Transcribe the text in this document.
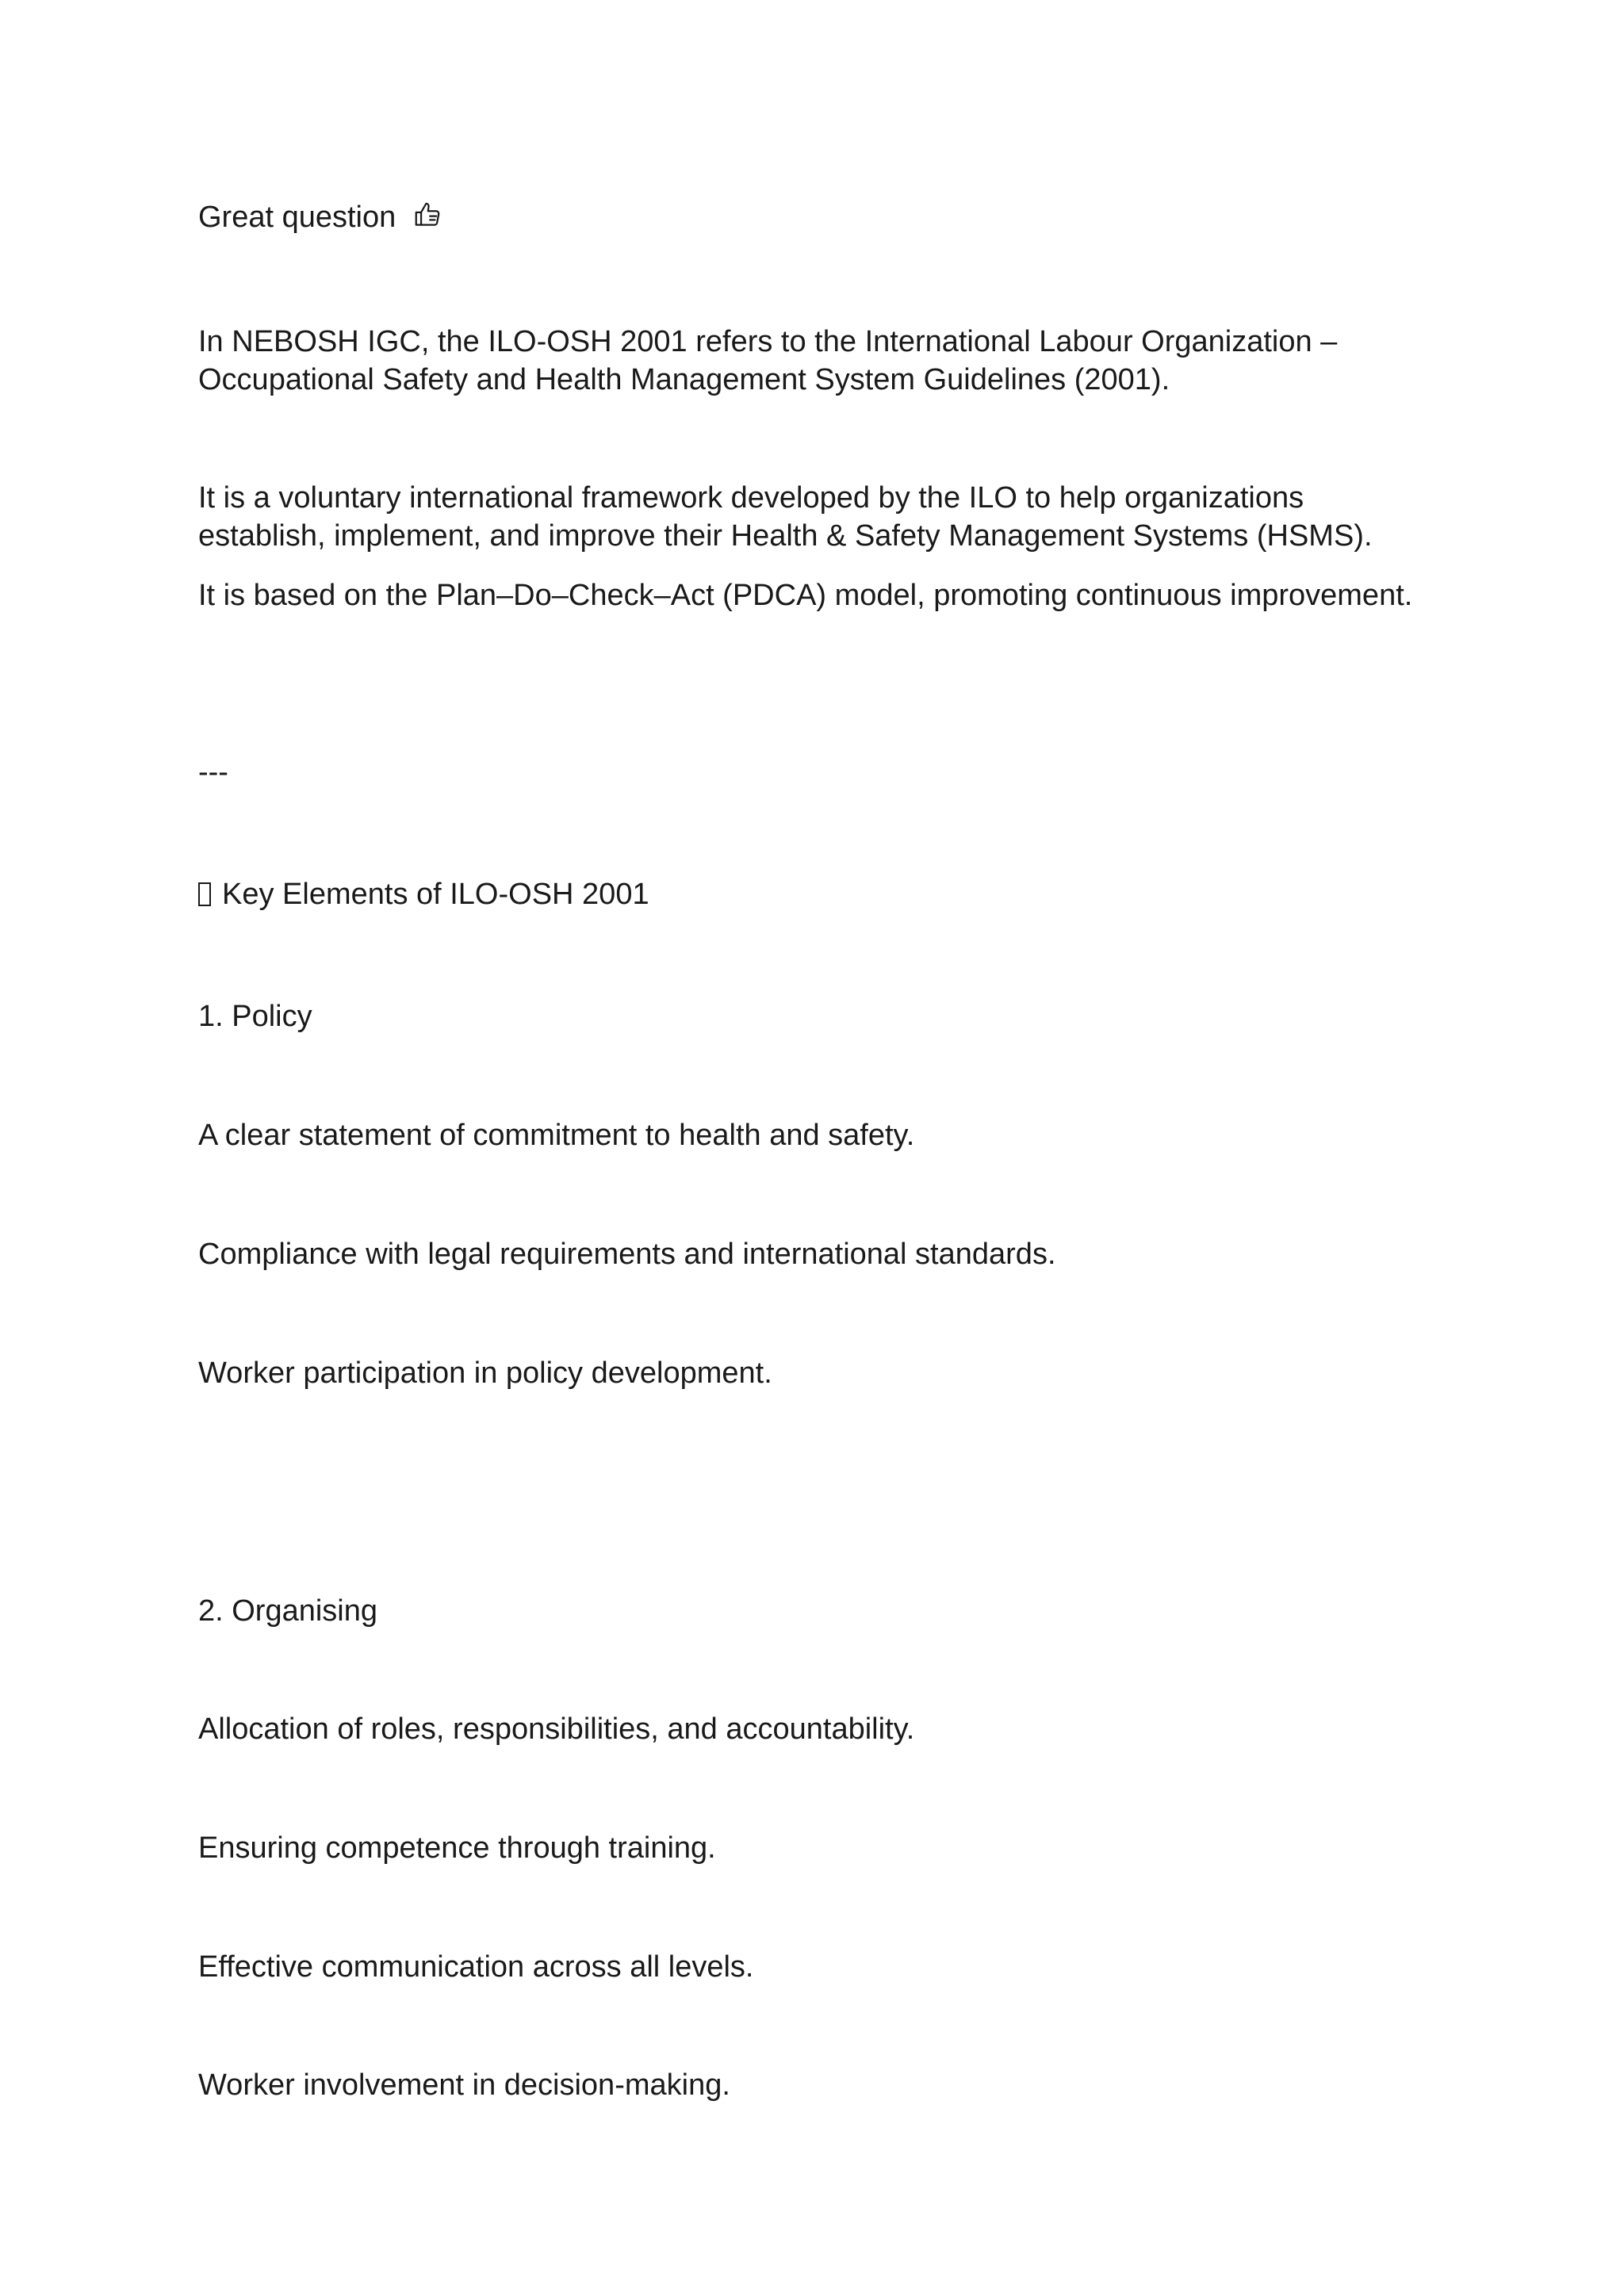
Great question

In NEBOSH IGC, the ILO-OSH 2001 refers to the International Labour Organization –

Occupational Safety and Health Management System Guidelines (2001).

It is a voluntary international framework developed by the ILO to help organizations

establish, implement, and improve their Health & Safety Management Systems (HSMS).

It is based on the Plan–Do–Check–Act (PDCA) model, promoting continuous improvement.

---

Key Elements of ILO-OSH 2001

1. Policy

A clear statement of commitment to health and safety.

Compliance with legal requirements and international standards.

Worker participation in policy development.

2. Organising

Allocation of roles, responsibilities, and accountability.

Ensuring competence through training.

Effective communication across all levels.

Worker involvement in decision-making.
